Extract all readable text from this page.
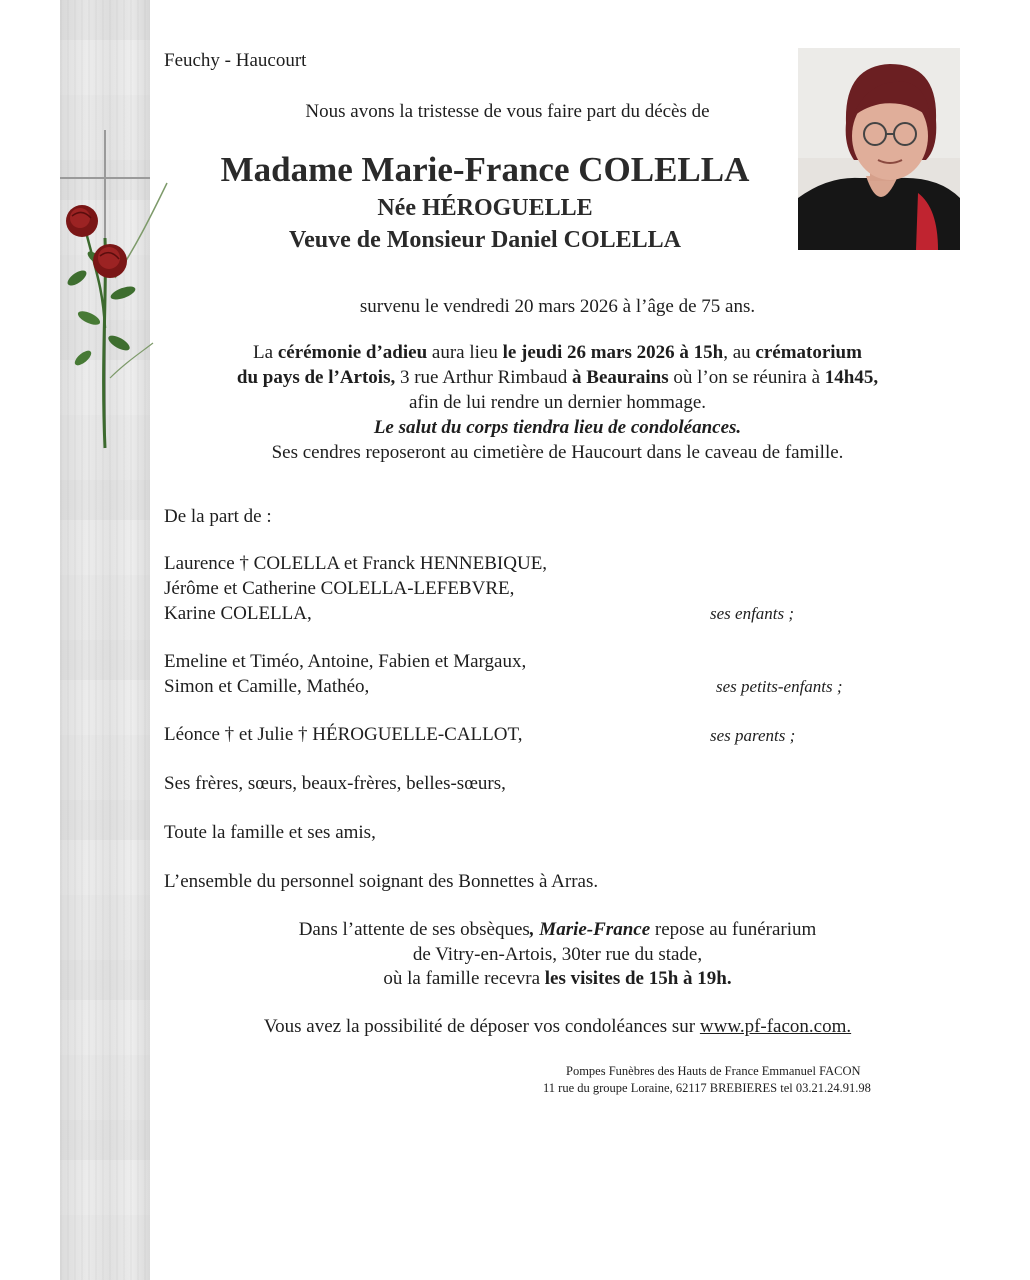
Feuchy - Haucourt
Nous avons la tristesse de vous faire part du décès de
Madame Marie-France COLELLA
Née HÉROGUELLE
Veuve de Monsieur Daniel COLELLA
survenu le vendredi 20 mars 2026 à l’âge de 75 ans.
La cérémonie d’adieu aura lieu le jeudi 26 mars 2026 à 15h, au crématorium
du pays de l’Artois, 3 rue Arthur Rimbaud à Beaurains où l’on se réunira à 14h45,
afin de lui rendre un dernier hommage.
Le salut du corps tiendra lieu de condoléances.
Ses cendres reposeront au cimetière de Haucourt dans le caveau de famille.
De la part de :
Laurence † COLELLA et Franck HENNEBIQUE,
Jérôme et Catherine COLELLA-LEFEBVRE,
Karine COLELLA,	ses enfants ;
Emeline et Timéo, Antoine, Fabien et Margaux,
Simon et Camille, Mathéo,	ses petits-enfants ;
Léonce † et Julie † HÉROGUELLE-CALLOT,	ses parents ;
Ses frères, sœurs, beaux-frères, belles-sœurs,
Toute la famille et ses amis,
L’ensemble du personnel soignant des Bonnettes à Arras.
Dans l’attente de ses obsèques, Marie-France repose au funérarium
de Vitry-en-Artois, 30ter rue du stade,
où la famille recevra les visites de 15h à 19h.
Vous avez la possibilité de déposer vos condoléances sur www.pf-facon.com.
Pompes Funèbres des Hauts de France Emmanuel FACON
11 rue du groupe Loraine, 62117 BREBIERES tel 03.21.24.91.98
